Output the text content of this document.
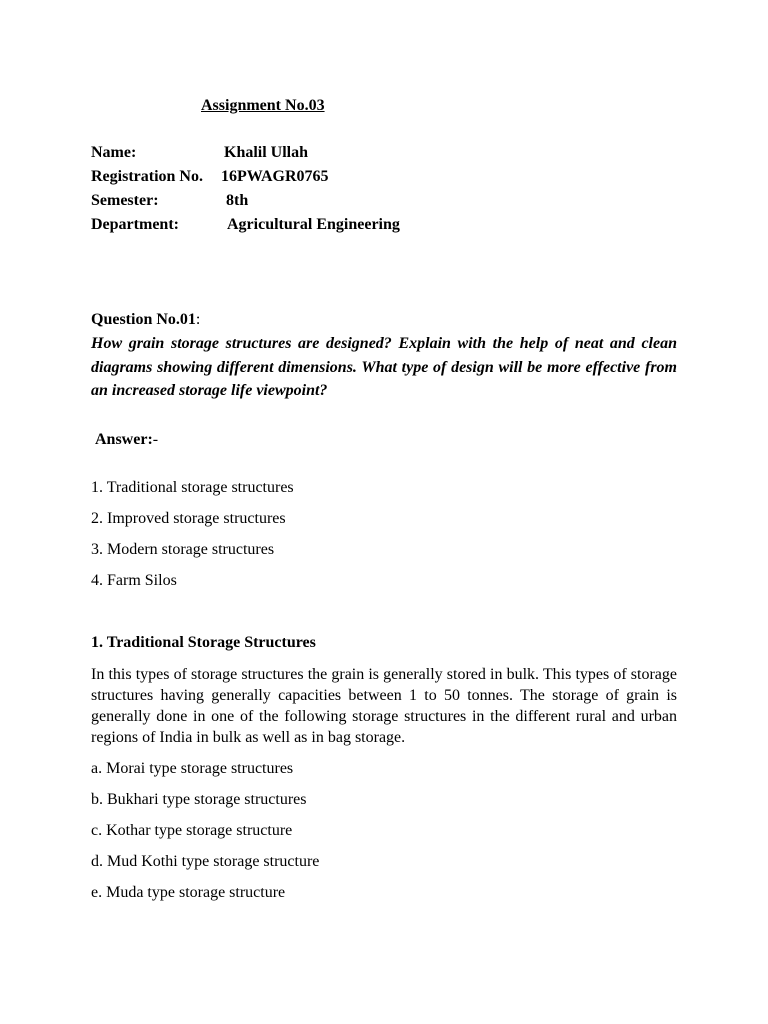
Assignment No.03
Name:	Khalil Ullah
Registration No. 16PWAGR0765
Semester:	8th
Department:	Agricultural Engineering
Question No.01:
How grain storage structures are designed? Explain with the help of neat and clean diagrams showing different dimensions. What type of design will be more effective from an increased storage life viewpoint?
Answer:-
1. Traditional storage structures
2. Improved storage structures
3. Modern storage structures
4. Farm Silos
1. Traditional Storage Structures
In this types of storage structures the grain is generally stored in bulk. This types of storage structures having generally capacities between 1 to 50 tonnes. The storage of grain is generally done in one of the following storage structures in the different rural and urban regions of India in bulk as well as in bag storage.
a. Morai type storage structures
b. Bukhari type storage structures
c. Kothar type storage structure
d. Mud Kothi type storage structure
e. Muda type storage structure
